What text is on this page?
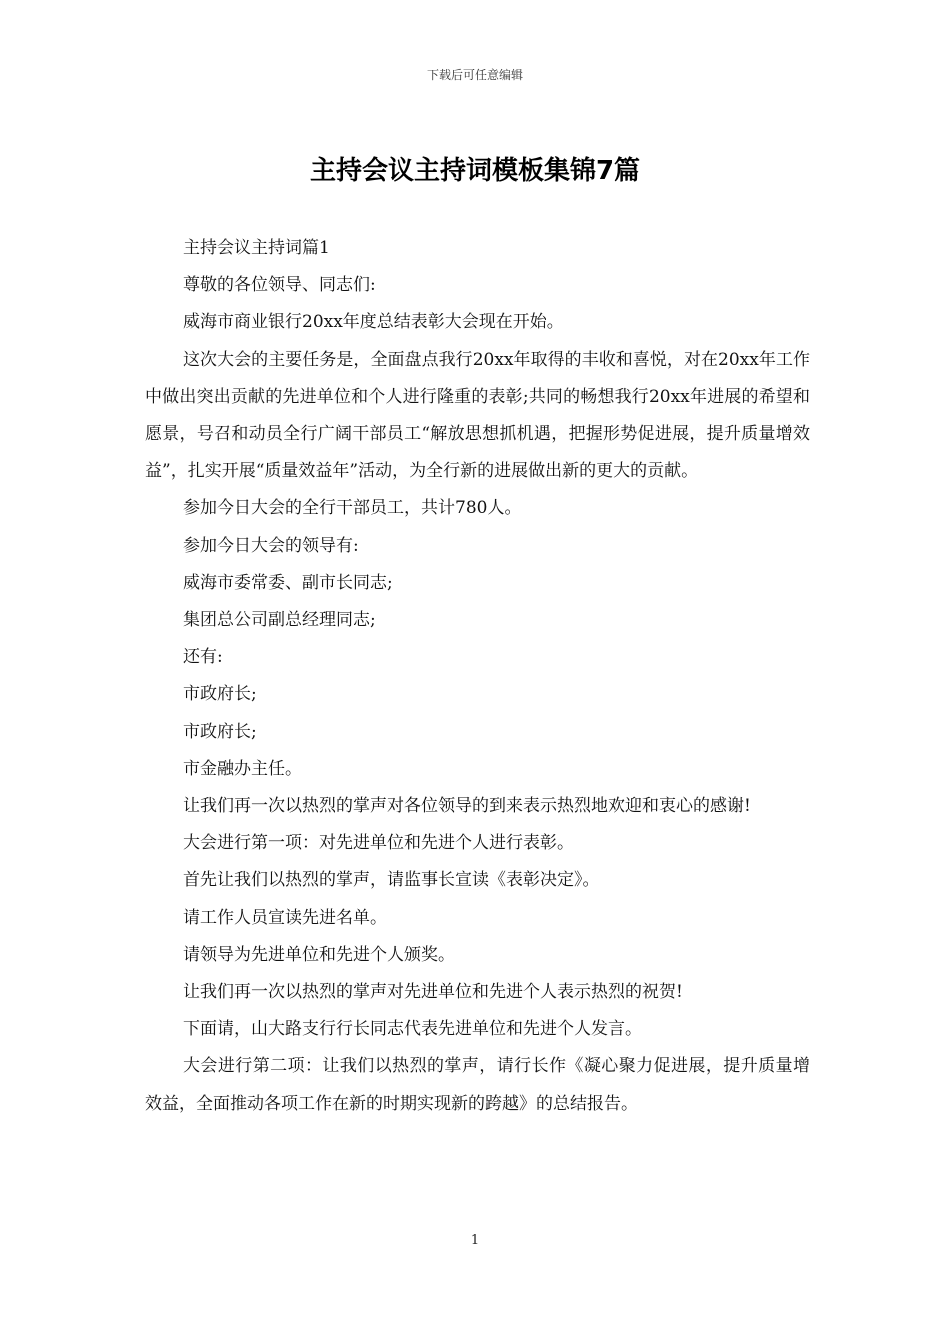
下载后可任意编辑
主持会议主持词模板集锦7篇

主持会议主持词篇1

尊敬的各位领导、同志们:

威海市商业银行20xx年度总结表彰大会现在开始。

这次大会的主要任务是，全面盘点我行20xx年取得的丰收和喜悦，对在20xx年工作中做出突出贡献的先进单位和个人进行隆重的表彰;共同的畅想我行20xx年进展的希望和愿景，号召和动员全行广阔干部员工“解放思想抓机遇，把握形势促进展，提升质量增效益”，扎实开展“质量效益年”活动，为全行新的进展做出新的更大的贡献。

参加今日大会的全行干部员工，共计780人。

参加今日大会的领导有:

威海市委常委、副市长同志;

集团总公司副总经理同志;

还有:

市政府长;

市政府长;

市金融办主任。

让我们再一次以热烈的掌声对各位领导的到来表示热烈地欢迎和衷心的感谢!

大会进行第一项：对先进单位和先进个人进行表彰。

首先让我们以热烈的掌声，请监事长宣读《表彰决定》。

请工作人员宣读先进名单。

请领导为先进单位和先进个人颁奖。

让我们再一次以热烈的掌声对先进单位和先进个人表示热烈的祝贺!

下面请，山大路支行行长同志代表先进单位和先进个人发言。

大会进行第二项：让我们以热烈的掌声，请行长作《凝心聚力促进展，提升质量增效益，全面推动各项工作在新的时期实现新的跨越》的总结报告。

1
